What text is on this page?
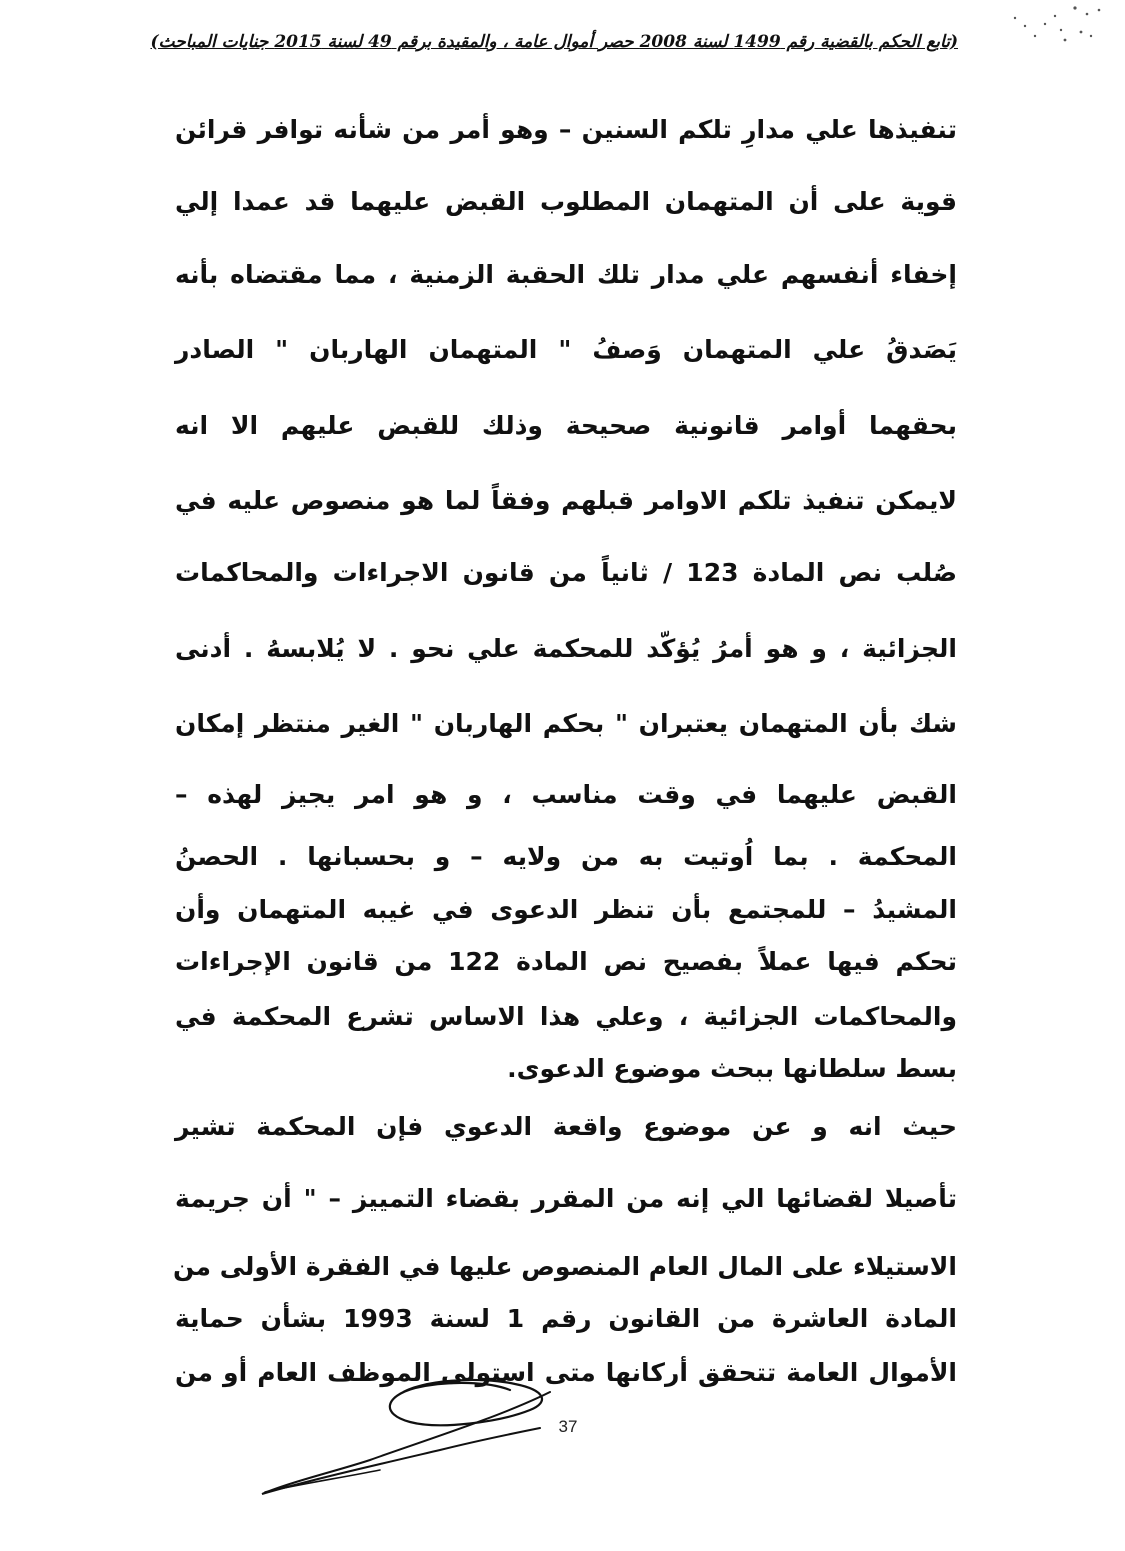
(تابع الحكم بالقضية رقم 1499 لسنة 2008 حصر أموال عامة ، والمقيدة برقم 49 لسنة 2015 جنايات المباحث)
تنفيذها علي مدارِ تلكم السنين – وهو أمر من شأنه توافر قرائن
قوية على أن المتهمان المطلوب القبض عليهما قد عمدا إلي
إخفاء أنفسهم علي مدار تلك الحقبة الزمنية ، مما مقتضاه بأنه
يَصَدقُ علي المتهمان وَصفُ " المتهمان الهاربان " الصادر
بحقهما أوامر قانونية صحيحة وذلك للقبض عليهم الا انه
لايمكن تنفيذ تلكم الاوامر قبلهم وفقاً لما هو منصوص عليه في
صُلب نص المادة 123 / ثانياً من قانون الاجراءات والمحاكمات
الجزائية ، و هو أمرُ يُؤكّد للمحكمة علي نحو . لا يُلابسهُ . أدنى
شك بأن المتهمان يعتبران " بحكم الهاربان " الغير منتظر إمكان
القبض عليهما في وقت مناسب ، و هو امر يجيز لهذه –
المحكمة . بما اُوتيت به من ولايه – و بحسبانها . الحصنُ
المشيدُ – للمجتمع بأن تنظر الدعوى في غيبه المتهمان وأن
تحكم فيها عملاً بفصيح نص المادة 122 من قانون الإجراءات
والمحاكمات الجزائية ، وعلي هذا الاساس تشرع المحكمة في
بسط سلطانها ببحث موضوع الدعوى.
حيث انه و عن موضوع واقعة الدعوي فإن المحكمة تشير
تأصيلا لقضائها الي إنه من المقرر بقضاء التمييز – " أن جريمة
الاستيلاء على المال العام المنصوص عليها في الفقرة الأولى من
المادة العاشرة من القانون رقم 1 لسنة 1993 بشأن حماية
الأموال العامة تتحقق أركانها متى استولى الموظف العام أو من
37
